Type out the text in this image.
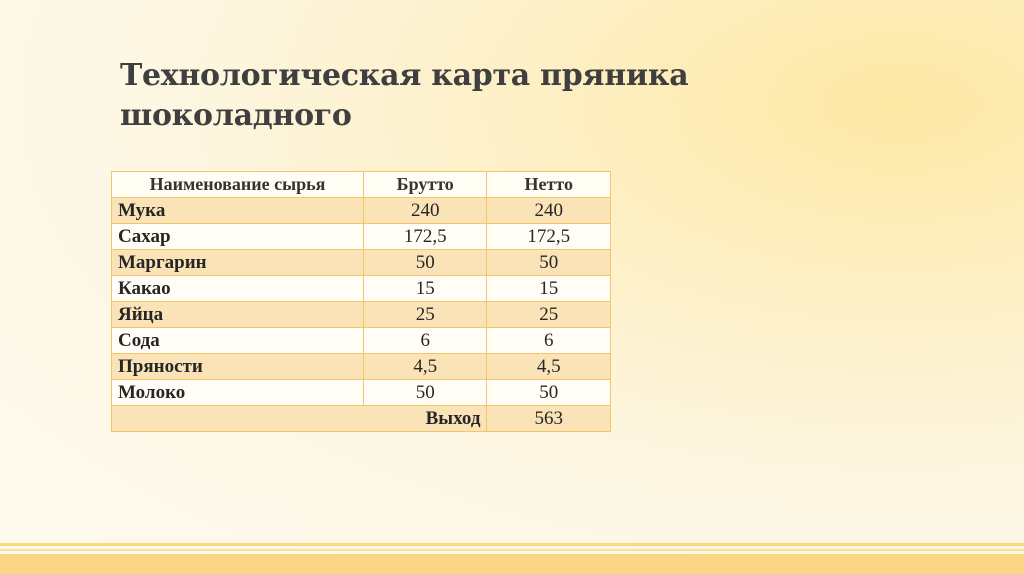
Технологическая карта пряника
шоколадного
Наименование сырья	Брутто	Нетто
Мука	240	240
Сахар	172,5	172,5
Маргарин	50	50
Какао	15	15
Яйца	25	25
Сода	6	6
Пряности	4,5	4,5
Молоко	50	50
Выход		563
